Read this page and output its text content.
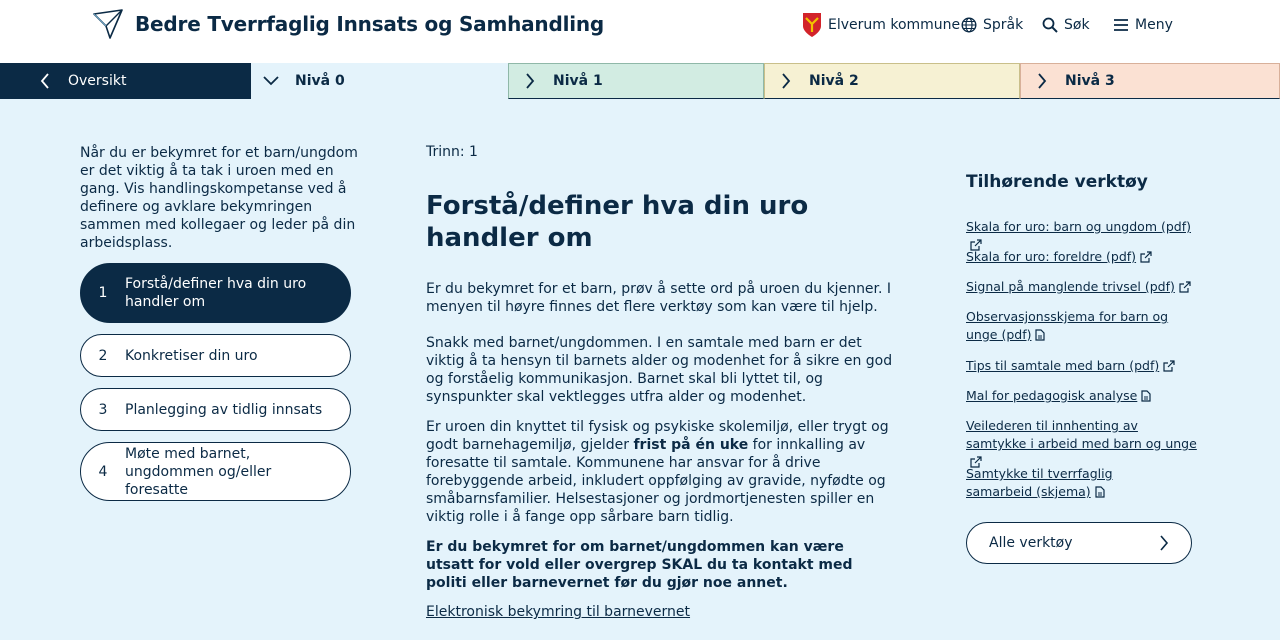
Bedre Tverrfaglig Innsats og Samhandling	Elverum kommune Språk	Søk	Meny
Oversikt	Nivå 0	Nivå 1	Nivå 2	Nivå 3

Når du er bekymret for et barn/ungdom er det viktig å ta tak i uroen med en gang. Vis handlingskompetanse ved å definere og avklare bekymringen sammen med kollegaer og leder på din arbeidsplass.

1
Forstå/definer hva din uro handler om
2	Konkretiser din uro
3	Planlegging av tidlig innsats
4
Møte med barnet, ungdommen og/eller foresatte
Trinn: 1
Forstå/definer hva din uro handler om

Er du bekymret for et barn, prøv å sette ord på uroen du kjenner. I menyen til høyre finnes det flere verktøy som kan være til hjelp.

Snakk med barnet/ungdommen. I en samtale med barn er det viktig å ta hensyn til barnets alder og modenhet for å sikre en god og forståelig kommunikasjon. Barnet skal bli lyttet til, og synspunkter skal vektlegges utfra alder og modenhet.

Er uroen din knyttet til fysisk og psykiske skolemiljø, eller trygt og godt barnehagemiljø, gjelder frist på én uke for innkalling av foresatte til samtale. Kommunene har ansvar for å drive forebyggende arbeid, inkludert oppfølging av gravide, nyfødte og småbarnsfamilier. Helsestasjoner og jordmortjenesten spiller en viktig rolle i å fange opp sårbare barn tidlig.

Er du bekymret for om barnet/ungdommen kan være utsatt for vold eller overgrep SKAL du ta kontakt med politi eller barnevernet før du gjør noe annet.

Elektronisk bekymring til barnevernet
Tilhørende verktøy
Skala for uro: barn og ungdom (pdf)
Skala for uro: foreldre (pdf)
Signal på manglende trivsel (pdf)
Observasjonsskjema for barn og unge (pdf)
Tips til samtale med barn (pdf)
Mal for pedagogisk analyse
Veilederen til innhenting av samtykke i arbeid med barn og unge
Samtykke til tverrfaglig samarbeid (skjema)
Alle verktøy
